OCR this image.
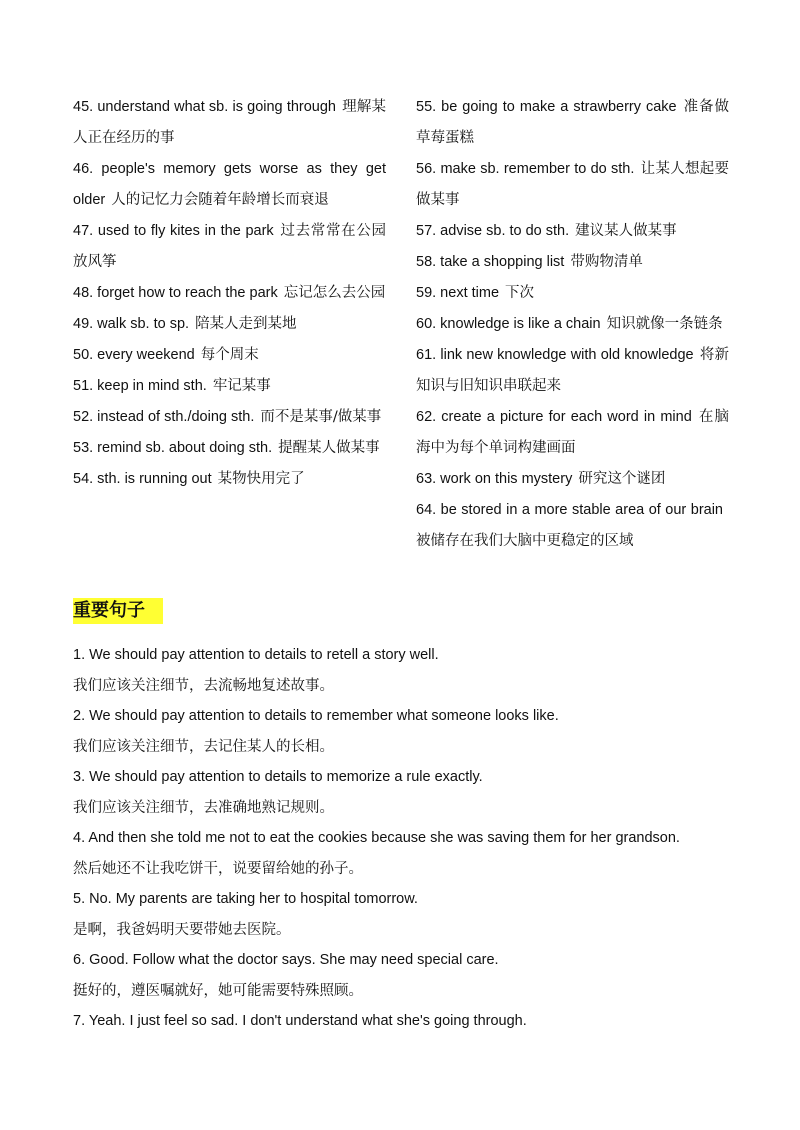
45. understand what sb. is going through 理解某人正在经历的事
46. people's memory gets worse as they get older 人的记忆力会随着年龄增长而衰退
47. used to fly kites in the park 过去常常在公园放风筝
48. forget how to reach the park 忘记怎么去公园
49. walk sb. to sp. 陪某人走到某地
50. every weekend 每个周末
51. keep in mind sth. 牢记某事
52. instead of sth./doing sth. 而不是某事/做某事
53. remind sb. about doing sth. 提醒某人做某事
54. sth. is running out 某物快用完了
55. be going to make a strawberry cake 准备做草莓蛋糕
56. make sb. remember to do sth. 让某人想起要做某事
57. advise sb. to do sth. 建议某人做某事
58. take a shopping list 带购物清单
59. next time 下次
60. knowledge is like a chain 知识就像一条链条
61. link new knowledge with old knowledge 将新知识与旧知识串联起来
62. create a picture for each word in mind 在脑海中为每个单词构建画面
63. work on this mystery 研究这个谜团
64. be stored in a more stable area of our brain被储存在我们大脑中更稳定的区域
重要句子
1. We should pay attention to details to retell a story well.
我们应该关注细节，去流畅地复述故事。
2. We should pay attention to details to remember what someone looks like.
我们应该关注细节，去记住某人的长相。
3. We should pay attention to details to memorize a rule exactly.
我们应该关注细节，去准确地熟记规则。
4. And then she told me not to eat the cookies because she was saving them for her grandson.
然后她还不让我吃饼干，说要留给她的孙子。
5. No. My parents are taking her to hospital tomorrow.
是啊，我爸妈明天要带她去医院。
6. Good. Follow what the doctor says. She may need special care.
挺好的，遵医嘱就好，她可能需要特殊照顾。
7. Yeah. I just feel so sad. I don't understand what she's going through.
